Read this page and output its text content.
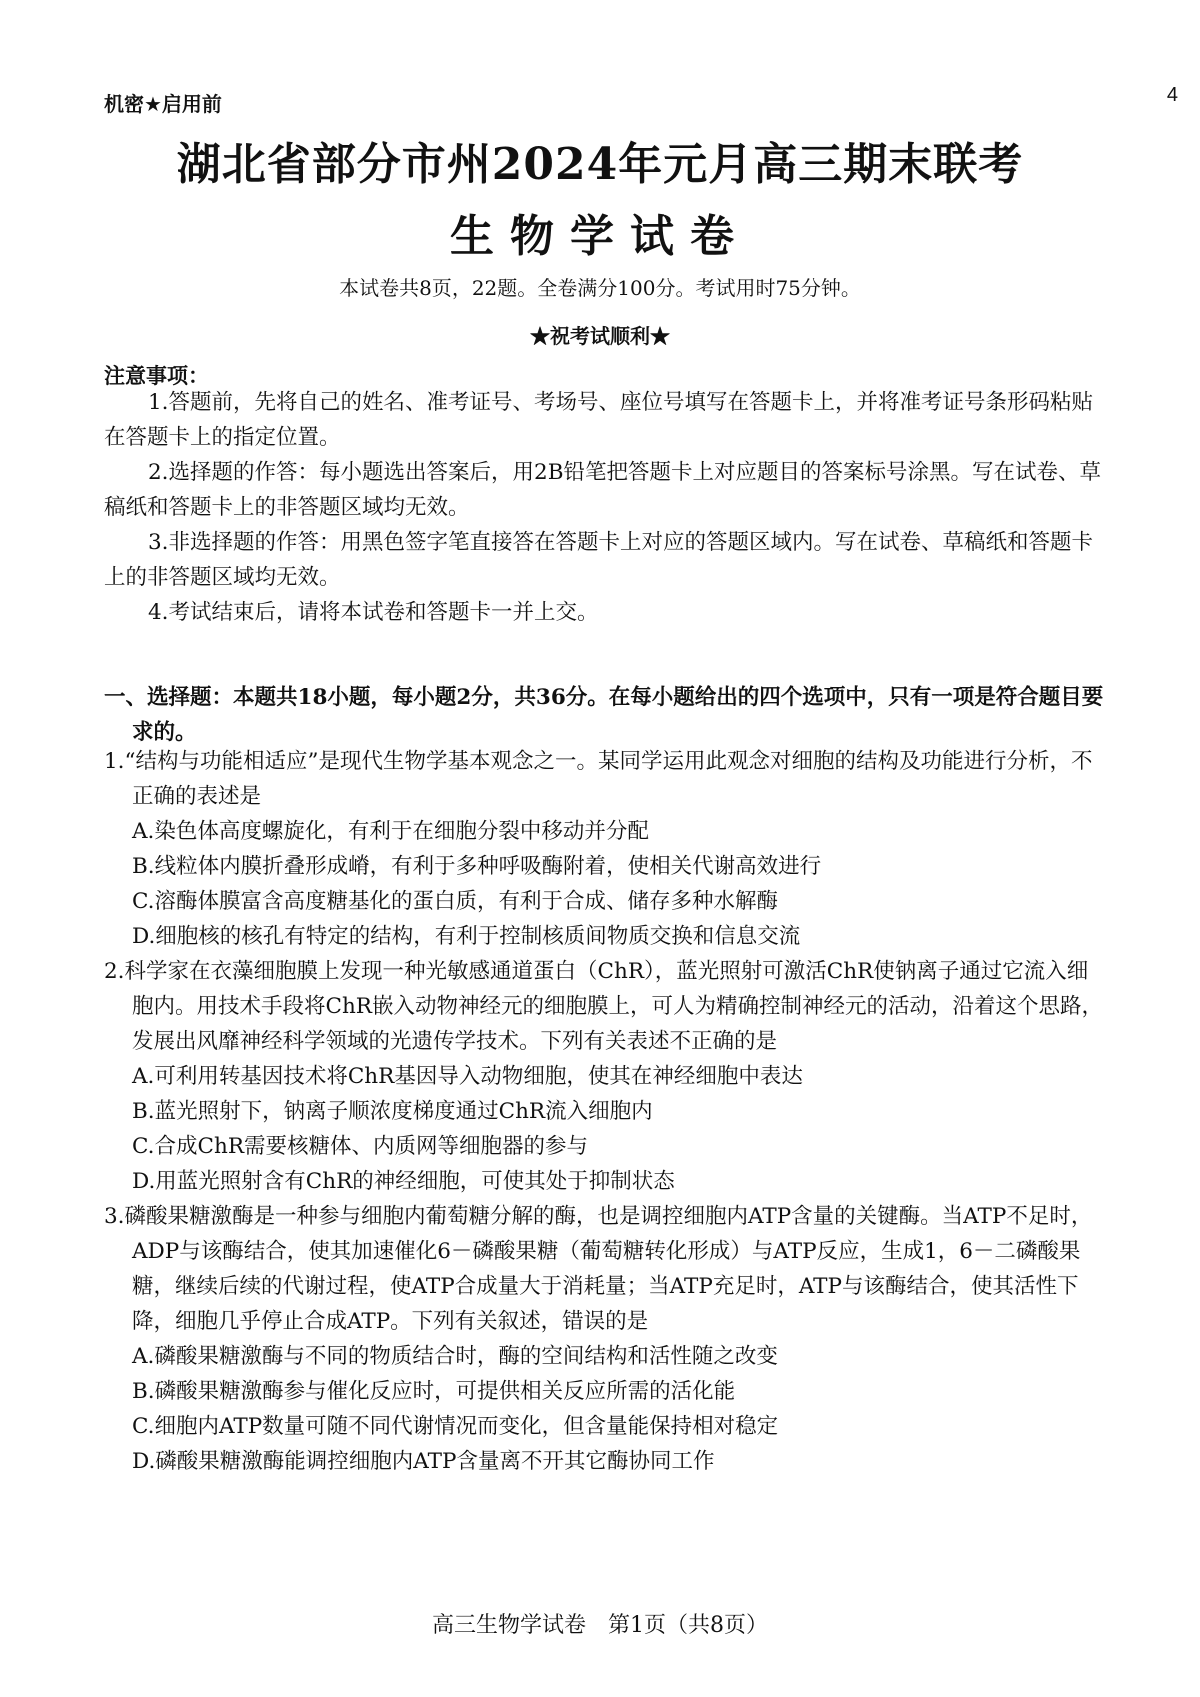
4
机密★启用前
湖北省部分市州2024年元月高三期末联考
生物学试卷
本试卷共8页，22题。全卷满分100分。考试用时75分钟。
★祝考试顺利★
注意事项：

1.答题前，先将自己的姓名、准考证号、考场号、座位号填写在答题卡上，并将准考证号条形码粘贴在答题卡上的指定位置。

2.选择题的作答：每小题选出答案后，用2B铅笔把答题卡上对应题目的答案标号涂黑。写在试卷、草稿纸和答题卡上的非答题区域均无效。

3.非选择题的作答：用黑色签字笔直接答在答题卡上对应的答题区域内。写在试卷、草稿纸和答题卡上的非答题区域均无效。

4.考试结束后，请将本试卷和答题卡一并上交。

一、选择题：本题共18小题，每小题2分，共36分。在每小题给出的四个选项中，只有一项是符合题目要求的。
1.“结构与功能相适应”是现代生物学基本观念之一。某同学运用此观念对细胞的结构及功能进行分析，不正确的表述是
A.染色体高度螺旋化，有利于在细胞分裂中移动并分配
B.线粒体内膜折叠形成嵴，有利于多种呼吸酶附着，使相关代谢高效进行
C.溶酶体膜富含高度糖基化的蛋白质，有利于合成、储存多种水解酶
D.细胞核的核孔有特定的结构，有利于控制核质间物质交换和信息交流
2.科学家在衣藻细胞膜上发现一种光敏感通道蛋白（ChR），蓝光照射可激活ChR使钠离子通过它流入细胞内。用技术手段将ChR嵌入动物神经元的细胞膜上，可人为精确控制神经元的活动，沿着这个思路，发展出风靡神经科学领域的光遗传学技术。下列有关表述不正确的是
A.可利用转基因技术将ChR基因导入动物细胞，使其在神经细胞中表达
B.蓝光照射下，钠离子顺浓度梯度通过ChR流入细胞内
C.合成ChR需要核糖体、内质网等细胞器的参与
D.用蓝光照射含有ChR的神经细胞，可使其处于抑制状态
3.磷酸果糖激酶是一种参与细胞内葡萄糖分解的酶，也是调控细胞内ATP含量的关键酶。当ATP不足时，ADP与该酶结合，使其加速催化6－磷酸果糖（葡萄糖转化形成）与ATP反应，生成1，6－二磷酸果糖，继续后续的代谢过程，使ATP合成量大于消耗量；当ATP充足时，ATP与该酶结合，使其活性下降，细胞几乎停止合成ATP。下列有关叙述，错误的是
A.磷酸果糖激酶与不同的物质结合时，酶的空间结构和活性随之改变
B.磷酸果糖激酶参与催化反应时，可提供相关反应所需的活化能
C.细胞内ATP数量可随不同代谢情况而变化，但含量能保持相对稳定
D.磷酸果糖激酶能调控细胞内ATP含量离不开其它酶协同工作
高三生物学试卷　第1页（共8页）
